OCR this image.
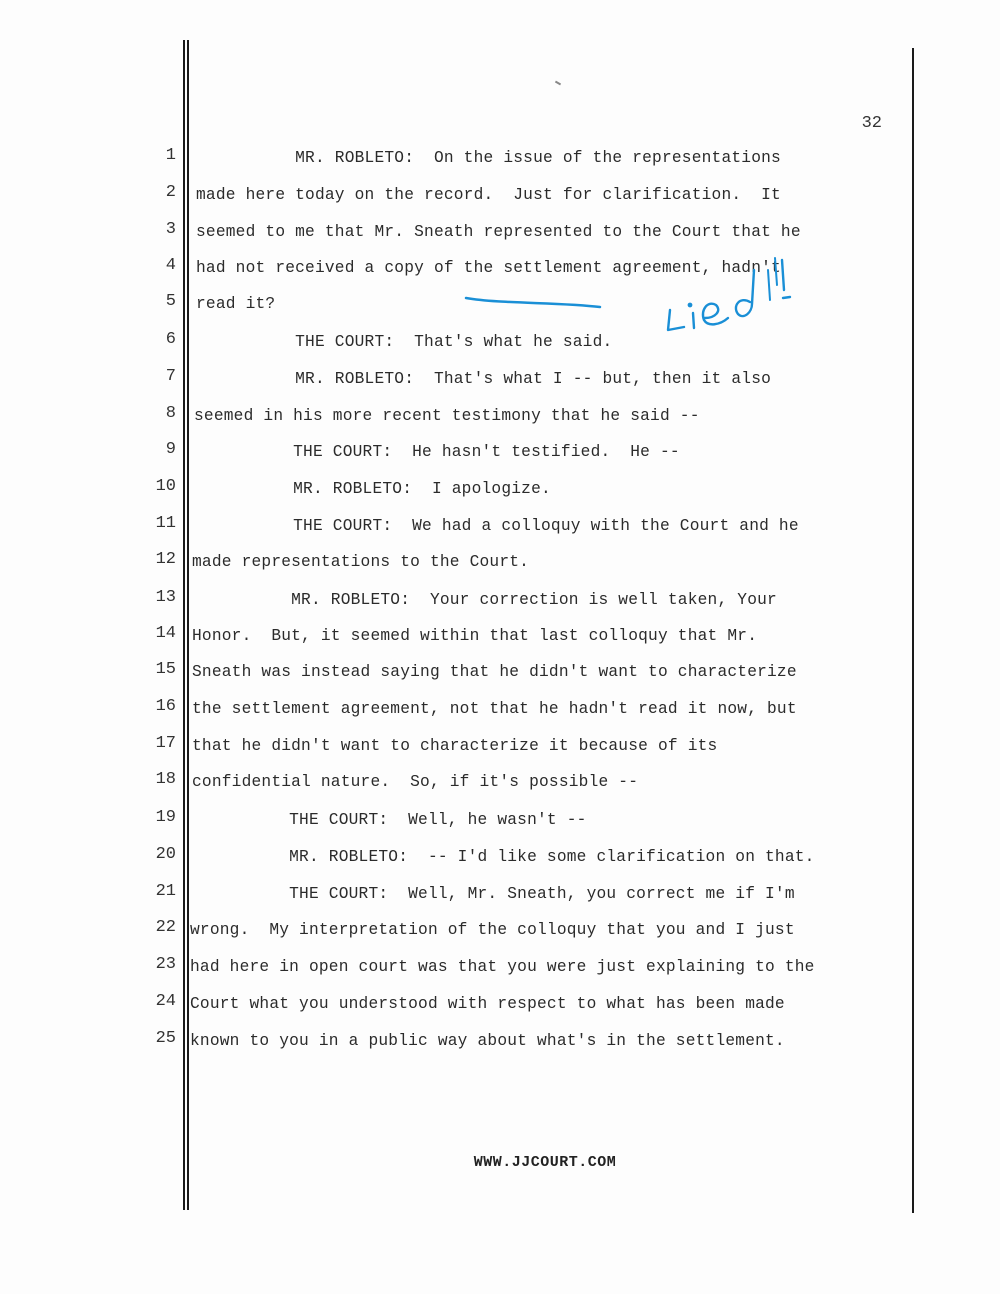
32
1 MR. ROBLETO:  On the issue of the representations
2 made here today on the record.  Just for clarification.  It
3 seemed to me that Mr. Sneath represented to the Court that he
4 had not received a copy of the settlement agreement, hadn't
5 read it?
6 THE COURT:  That's what he said.
7 MR. ROBLETO:  That's what I -- but, then it also
8 seemed in his more recent testimony that he said --
9 THE COURT:  He hasn't testified.  He --
10 MR. ROBLETO:  I apologize.
11 THE COURT:  We had a colloquy with the Court and he
12 made representations to the Court.
13 MR. ROBLETO:  Your correction is well taken, Your
14 Honor.  But, it seemed within that last colloquy that Mr.
15 Sneath was instead saying that he didn't want to characterize
16 the settlement agreement, not that he hadn't read it now, but
17 that he didn't want to characterize it because of its
18 confidential nature.  So, if it's possible --
19 THE COURT:  Well, he wasn't --
20 MR. ROBLETO:  -- I'd like some clarification on that.
21 THE COURT:  Well, Mr. Sneath, you correct me if I'm
22 wrong.  My interpretation of the colloquy that you and I just
23 had here in open court was that you were just explaining to the
24 Court what you understood with respect to what has been made
25 known to you in a public way about what's in the settlement.
WWW.JJCOURT.COM
